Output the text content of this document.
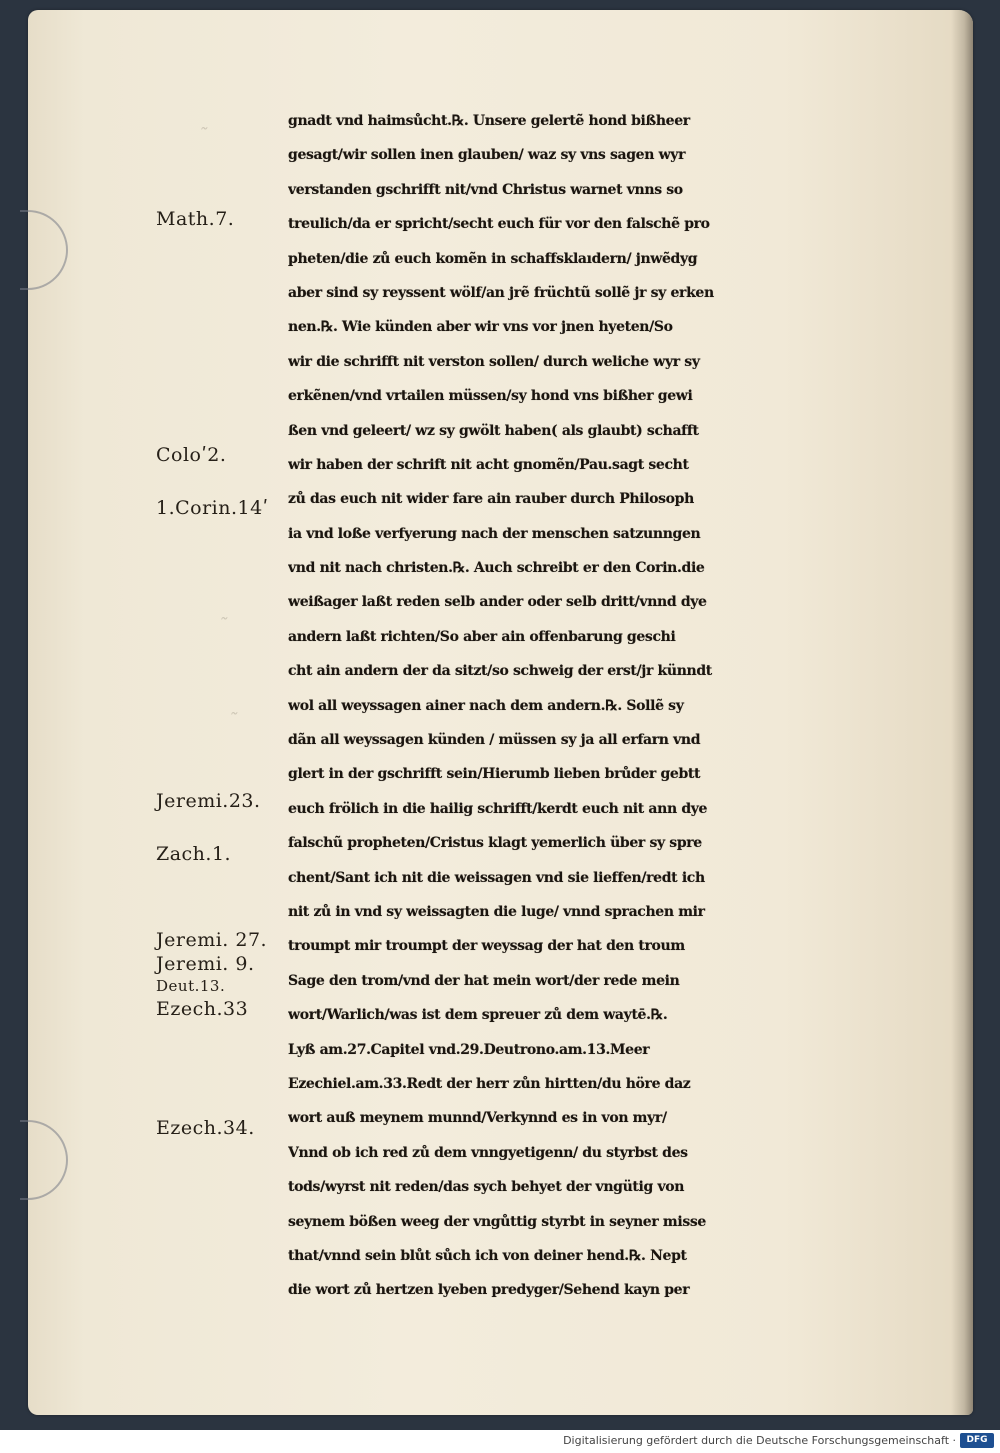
˜
˜
˜
Math.7.
Coloʹ2.
1.Corin.14ʹ
Jeremi.23.
Zach.1.
Jeremi. 27.
Jeremi. 9.
Deut.13.
Ezech.33
Ezech.34.
gnadt vnd haimsůcht.℞. Unsere gelertẽ hond bißheer
gesagt/wir sollen inen glauben/ waz sy vns sagen wyr
verstanden gschrifft nit/vnd Christus warnet vnns so
treulich/da er spricht/secht euch für vor den falschẽ pro
pheten/die zů euch komẽn in schaffsklaıdern/ jnwẽdyg
aber sind sy reyssent wölf/an jrẽ früchtũ sollẽ jr sy erken
nen.℞. Wie künden aber wir vns vor jnen hyeten/So
wir die schrifft nit verston sollen/ durch weliche wyr sy
erkẽnen/vnd vrtailen müssen/sy hond vns bißher gewi
ßen vnd geleert/ wz sy gwölt haben( als glaubt) schafft
wir haben der schrift nit acht gnomẽn/Pau.sagt secht
zů das euch nit wider fare ain rauber durch Philosoph
ia vnd loße verfyerung nach der menschen satzunngen
vnd nit nach christen.℞. Auch schreibt er den Corin.die
weißager laßt reden selb ander oder selb dritt/vnnd dye
andern laßt richten/So aber ain offenbarung geschi
cht ain andern der da sitzt/so schweig der erst/jr künndt
wol all weyssagen ainer nach dem andern.℞. Sollẽ sy
dãn all weyssagen künden / müssen sy ja all erfarn vnd
glert in der gschrifft sein/Hierumb lieben brůder gebtt
euch frölich in die hailig schrifft/kerdt euch nit ann dye
falschũ propheten/Cristus klagt yemerlich über sy spre
chent/Sant ich nit die weissagen vnd sie lieffen/redt ich
nit zů in vnd sy weissagten die luge/ vnnd sprachen mir
troumpt mir troumpt der weyssag der hat den troum
Sage den trom/vnd der hat mein wort/der rede mein
wort/Warlich/was ist dem spreuer zů dem waytē.℞.
Lyß am.27.Capitel vnd.29.Deutrono.am.13.Meer
Ezechiel.am.33.Redt der herr zůn hirtten/du höre daz
wort auß meynem munnd/Verkynnd es in von myr/
Vnnd ob ich red zů dem vnngyetigenn/ du styrbst des
tods/wyrst nit reden/das sych behyet der vngütig von
seynem bößen weeg der vngůttig styrbt in seyner misse
that/vnnd sein blůt sůch ich von deiner hend.℞. Nept
die wort zů hertzen lyeben predyger/Sehend kayn per
Digitalisierung gefördert durch die Deutsche Forschungsgemeinschaft ·	DFG
